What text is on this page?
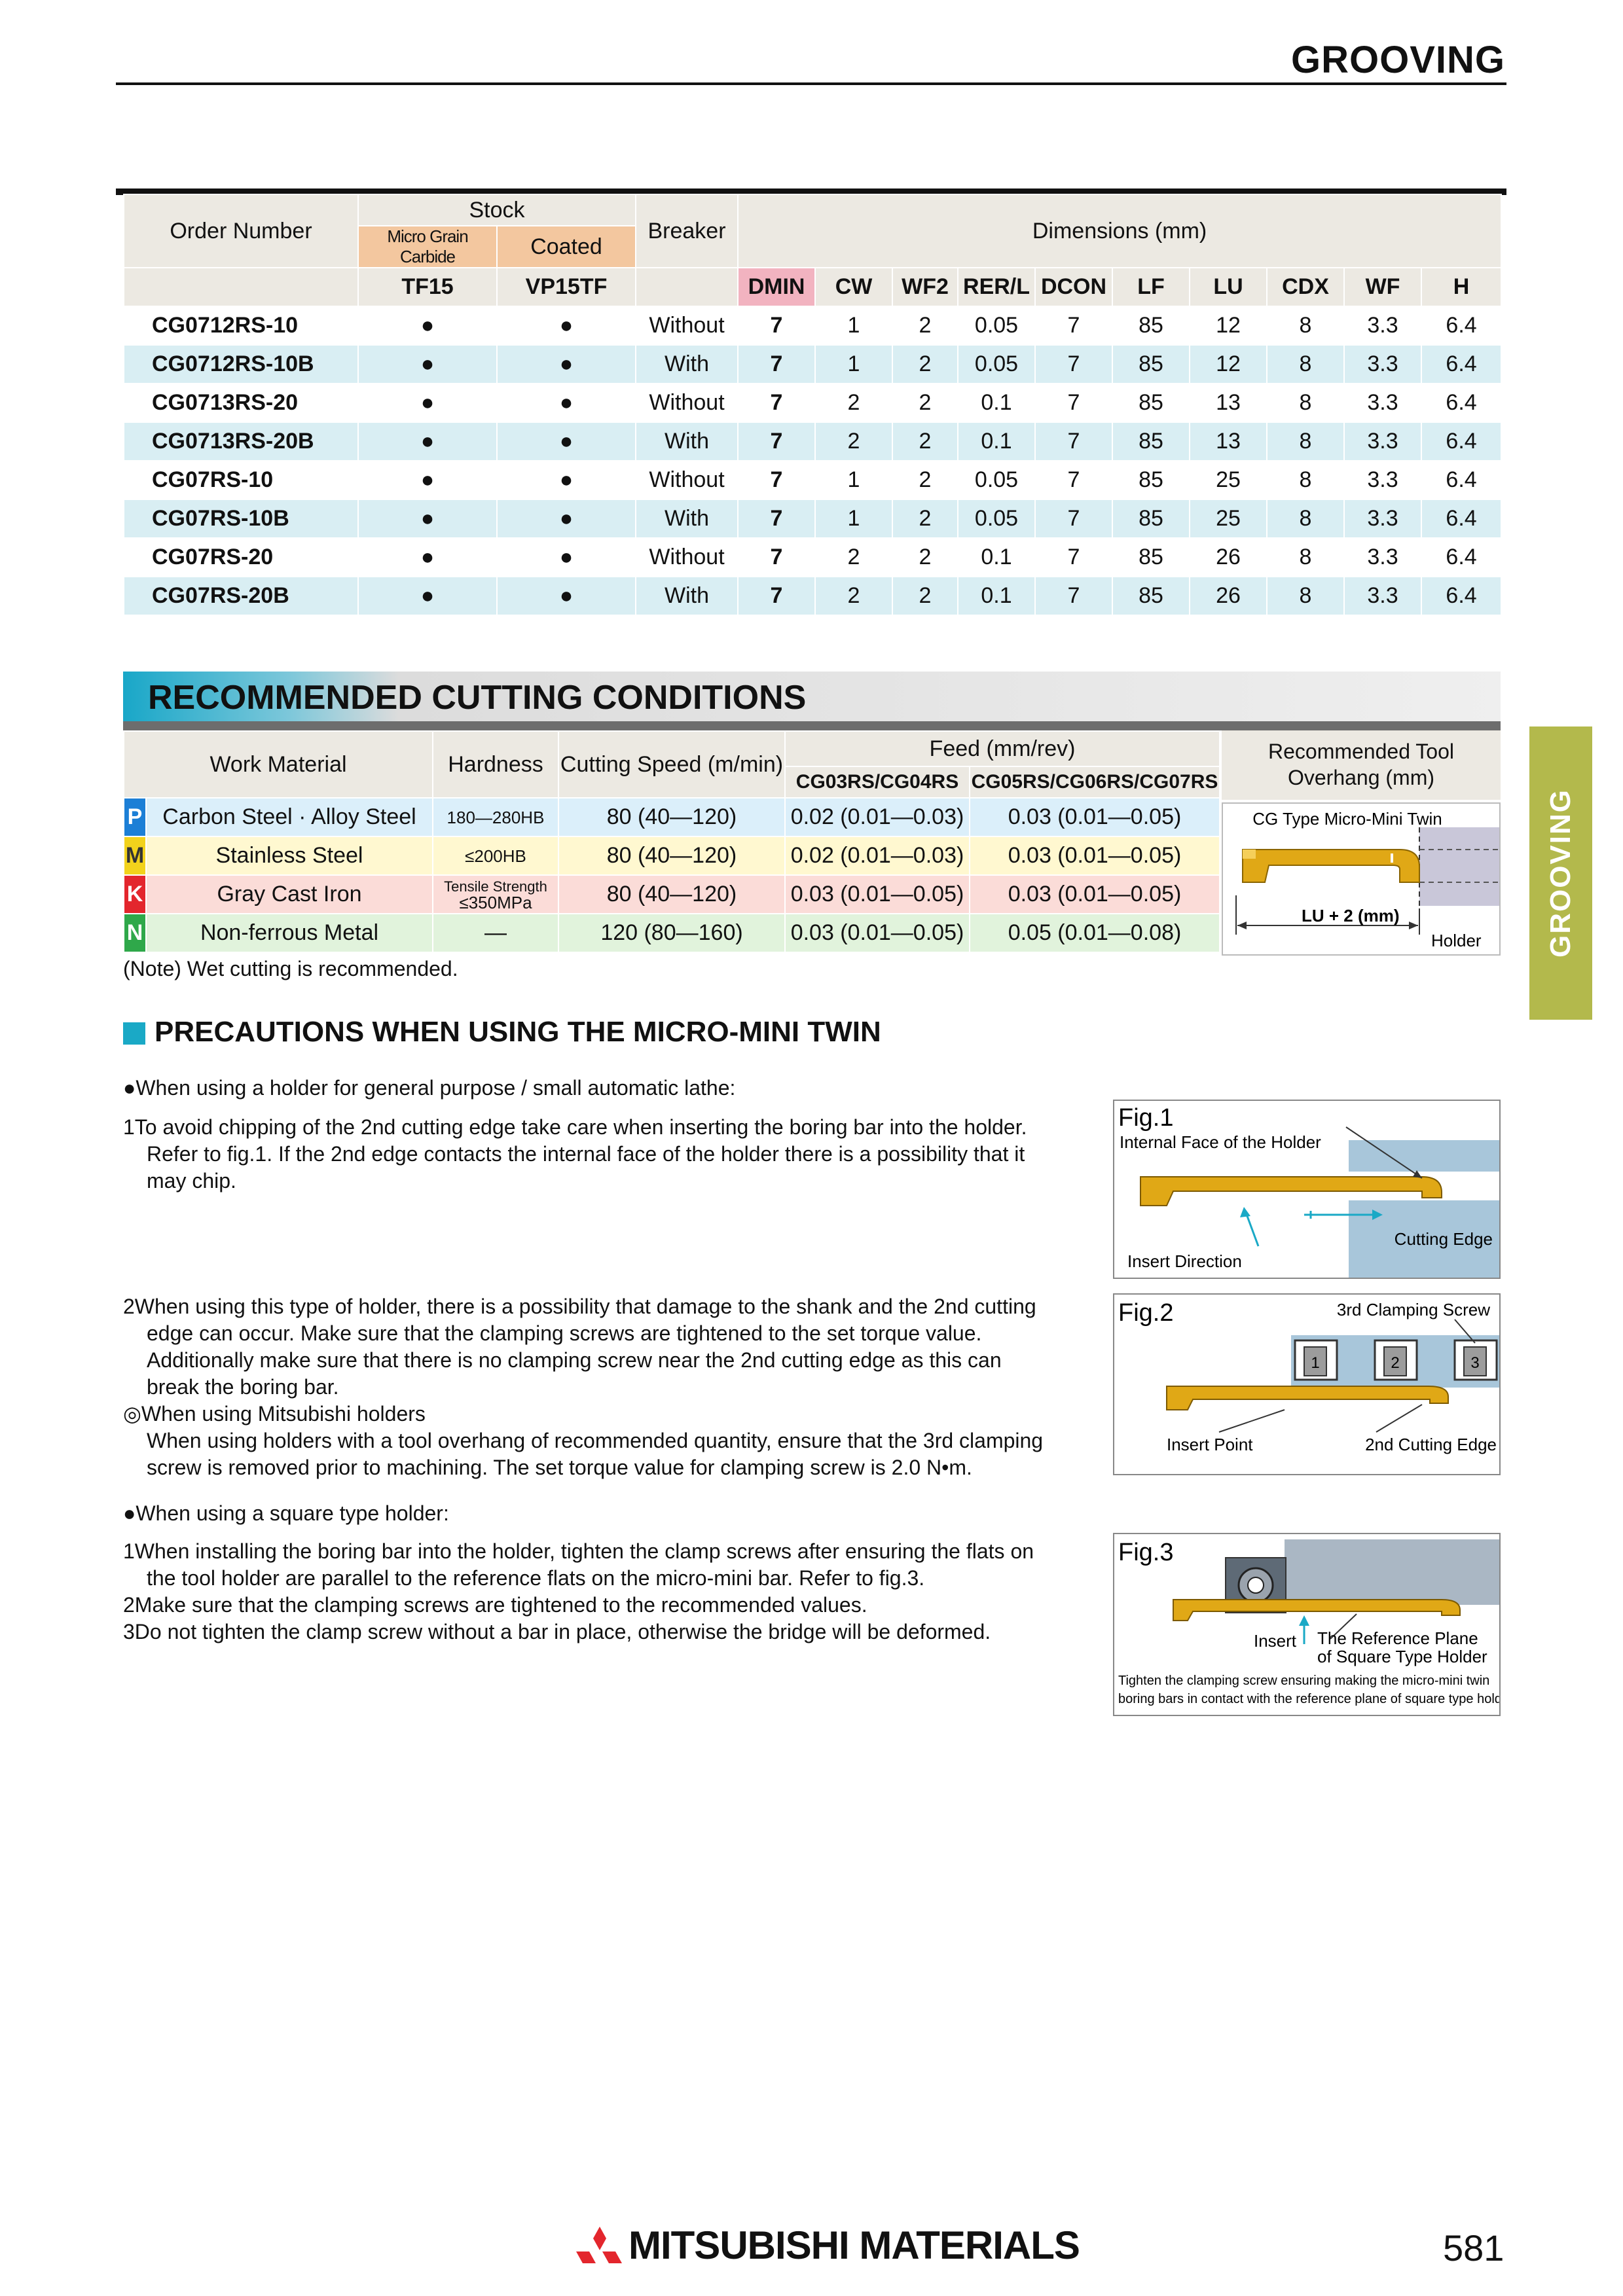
GROOVING
Order Number	Stock		Breaker	Dimensions (mm)									
	Micro Grain Carbide	Coated											
	TF15	VP15TF		DMIN	CW	WF2	RER/L	DCON	LF	LU	CDX	WF	H
CG0712RS-10	●	●	Without	7	1	2	0.05	7	85	12	8	3.3	6.4
CG0712RS-10B	●	●	With	7	1	2	0.05	7	85	12	8	3.3	6.4
CG0713RS-20	●	●	Without	7	2	2	0.1	7	85	13	8	3.3	6.4
CG0713RS-20B	●	●	With	7	2	2	0.1	7	85	13	8	3.3	6.4
CG07RS-10	●	●	Without	7	1	2	0.05	7	85	25	8	3.3	6.4
CG07RS-10B	●	●	With	7	1	2	0.05	7	85	25	8	3.3	6.4
CG07RS-20	●	●	Without	7	2	2	0.1	7	85	26	8	3.3	6.4
CG07RS-20B	●	●	With	7	2	2	0.1	7	85	26	8	3.3	6.4
RECOMMENDED CUTTING CONDITIONS
Work Material		Hardness	Cutting Speed (m/min)	Feed (mm/rev)	
				CG03RS/CG04RS	CG05RS/CG06RS/CG07RS
P	Carbon Steel · Alloy Steel	180—280HB	80 (40—120)	0.02 (0.01—0.03)	0.03 (0.01—0.05)
M	Stainless Steel	≤200HB	80 (40—120)	0.02 (0.01—0.03)	0.03 (0.01—0.05)
K	Gray Cast Iron	Tensile Strength
≤350MPa	80 (40—120)	0.03 (0.01—0.05)	0.03 (0.01—0.05)
N	Non-ferrous Metal	—	120 (80—160)	0.03 (0.01—0.05)	0.05 (0.01—0.08)
Recommended Tool Overhang (mm)
CG Type Micro-Mini Twin
LU + 2 (mm)
Holder
(Note) Wet cutting is recommended.
PRECAUTIONS WHEN USING THE MICRO-MINI TWIN
●When using a holder for general purpose / small automatic lathe:
1To avoid chipping of the 2nd cutting edge take care when inserting the boring bar into the holder.
Refer to fig.1. If the 2nd edge contacts the internal face of the holder there is a possibility that it
may chip.
2When using this type of holder, there is a possibility that damage to the shank and the 2nd cutting
edge can occur. Make sure that the clamping screws are tightened to the set torque value.
Additionally make sure that there is no clamping screw near the 2nd cutting edge as this can
break the boring bar.
◎When using Mitsubishi holders
When using holders with a tool overhang of recommended quantity, ensure that the 3rd clamping
screw is removed prior to machining. The set torque value for clamping screw is 2.0 N•m.
●When using a square type holder:
1When installing the boring bar into the holder, tighten the clamp screws after ensuring the flats on
the tool holder are parallel to the reference flats on the micro-mini bar. Refer to fig.3.
2Make sure that the clamping screws are tightened to the recommended values.
3Do not tighten the clamp screw without a bar in place, otherwise the bridge will be deformed.
Fig.1
Internal Face of the Holder
Cutting Edge
Insert Direction
1	2	3
Fig.2	3rd Clamping Screw
Insert Point	2nd Cutting Edge
Fig.3
Insert The Reference Plane
of Square Type Holder
Tighten the clamping screw ensuring making the micro-mini twin
boring bars in contact with the reference plane of square type holder.
GROOVING
MITSUBISHI MATERIALS	581
